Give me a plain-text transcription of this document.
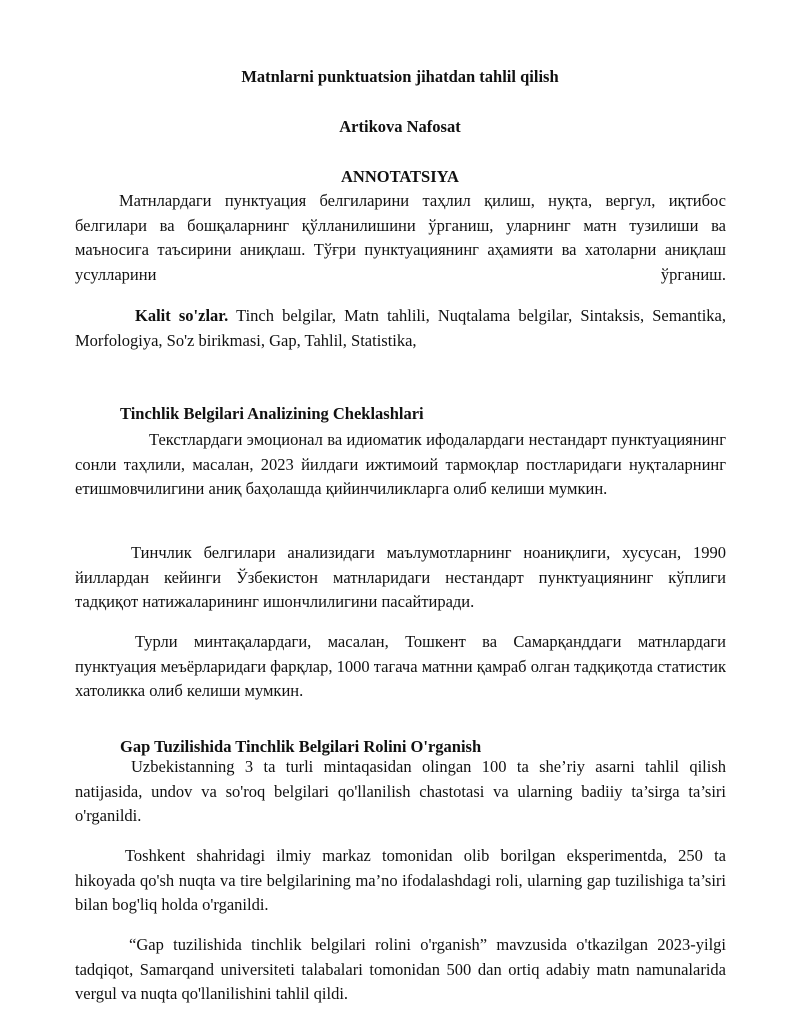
Matnlarni punktuatsion jihatdan tahlil qilish

Artikova Nafosat

ANNOTATSIYA

Матнлардаги пунктуация белгиларини таҳлил қилиш, нуқта, вергул, иқтибос белгилари ва бошқаларнинг қўлланилишини ўрганиш, уларнинг матн тузилиши ва маъносига таъсирини аниқлаш. Тўғри пунктуациянинг аҳамияти ва хатоларни аниқлаш усулларини ўрганиш.

Kalit so'zlar. Tinch belgilar, Matn tahlili, Nuqtalama belgilar, Sintaksis, Semantika, Morfologiya, So'z birikmasi, Gap, Tahlil, Statistika,

Tinchlik Belgilari Analizining Cheklashlari

Текстлардаги эмоционал ва идиоматик ифодалардаги нестандарт пунктуациянинг сонли таҳлили, масалан, 2023 йилдаги ижтимоий тармоқлар постларидаги нуқталарнинг етишмовчилигини аниқ баҳолашда қийинчиликларга олиб келиши мумкин.

Тинчлик белгилари анализидаги маълумотларнинг ноаниқлиги, хусусан, 1990 йиллардан кейинги Ўзбекистон матнларидаги нестандарт пунктуациянинг кўплиги тадқиқот натижаларининг ишончлилигини пасайтиради.

Турли минтақалардаги, масалан, Тошкент ва Самарқанддаги матнлардаги пунктуация меъёрларидаги фарқлар, 1000 тагача матнни қамраб олган тадқиқотда статистик хатоликка олиб келиши мумкин.

Gap Tuzilishida Tinchlik Belgilari Rolini O'rganish

Uzbekistanning 3 ta turli mintaqasidan olingan 100 ta she’riy asarni tahlil qilish natijasida, undov va so'roq belgilari qo'llanilish chastotasi va ularning badiiy ta’sirga ta’siri o'rganildi.

Toshkent shahridagi ilmiy markaz tomonidan olib borilgan eksperimentda, 250 ta hikoyada qo'sh nuqta va tire belgilarining ma’no ifodalashdagi roli, ularning gap tuzilishiga ta’siri bilan bog'liq holda o'rganildi.

“Gap tuzilishida tinchlik belgilari rolini o'rganish” mavzusida o'tkazilgan 2023-yilgi tadqiqot, Samarqand universiteti talabalari tomonidan 500 dan ortiq adabiy matn namunalarida vergul va nuqta qo'llanilishini tahlil qildi.
